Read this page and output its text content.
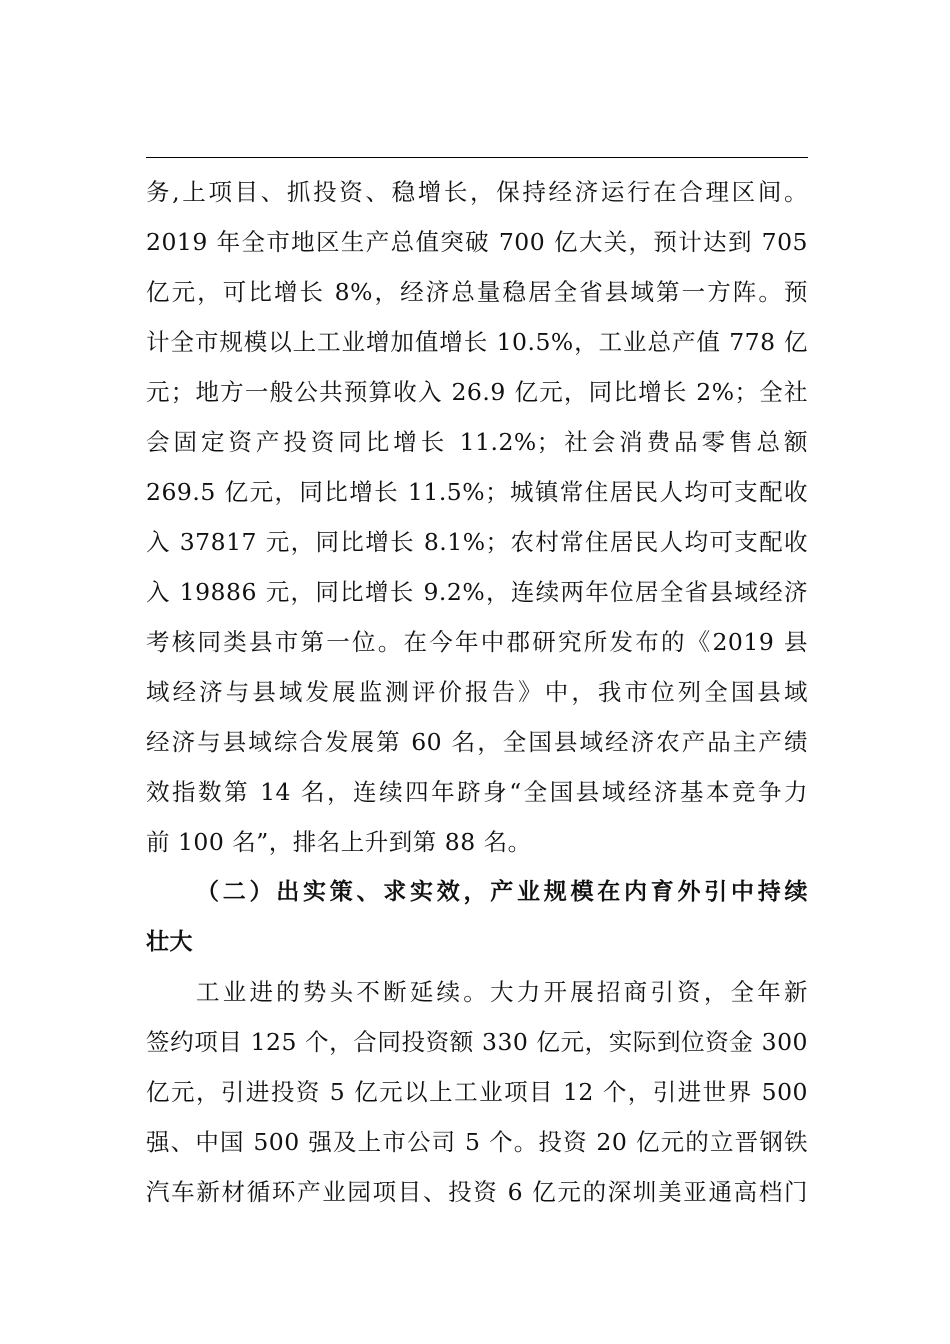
务,上项目、抓投资、稳增长，保持经济运行在合理区间。
2019 年全市地区生产总值突破 700 亿大关，预计达到 705
亿元，可比增长 8%，经济总量稳居全省县域第一方阵。预
计全市规模以上工业增加值增长 10.5%，工业总产值 778 亿
元；地方一般公共预算收入 26.9 亿元，同比增长 2%；全社
会固定资产投资同比增长 11.2%；社会消费品零售总额
269.5 亿元，同比增长 11.5%；城镇常住居民人均可支配收
入 37817 元，同比增长 8.1%；农村常住居民人均可支配收
入 19886 元，同比增长 9.2%，连续两年位居全省县域经济
考核同类县市第一位。在今年中郡研究所发布的《2019 县
域经济与县域发展监测评价报告》中，我市位列全国县域
经济与县域综合发展第 60 名，全国县域经济农产品主产绩
效指数第 14 名，连续四年跻身“全国县域经济基本竞争力
前 100 名”，排名上升到第 88 名。
（二）出实策、求实效，产业规模在内育外引中持续
壮大
工业进的势头不断延续。大力开展招商引资，全年新
签约项目 125 个，合同投资额 330 亿元，实际到位资金 300
亿元，引进投资 5 亿元以上工业项目 12 个，引进世界 500
强、中国 500 强及上市公司 5 个。投资 20 亿元的立晋钢铁
汽车新材循环产业园项目、投资 6 亿元的深圳美亚通高档门
